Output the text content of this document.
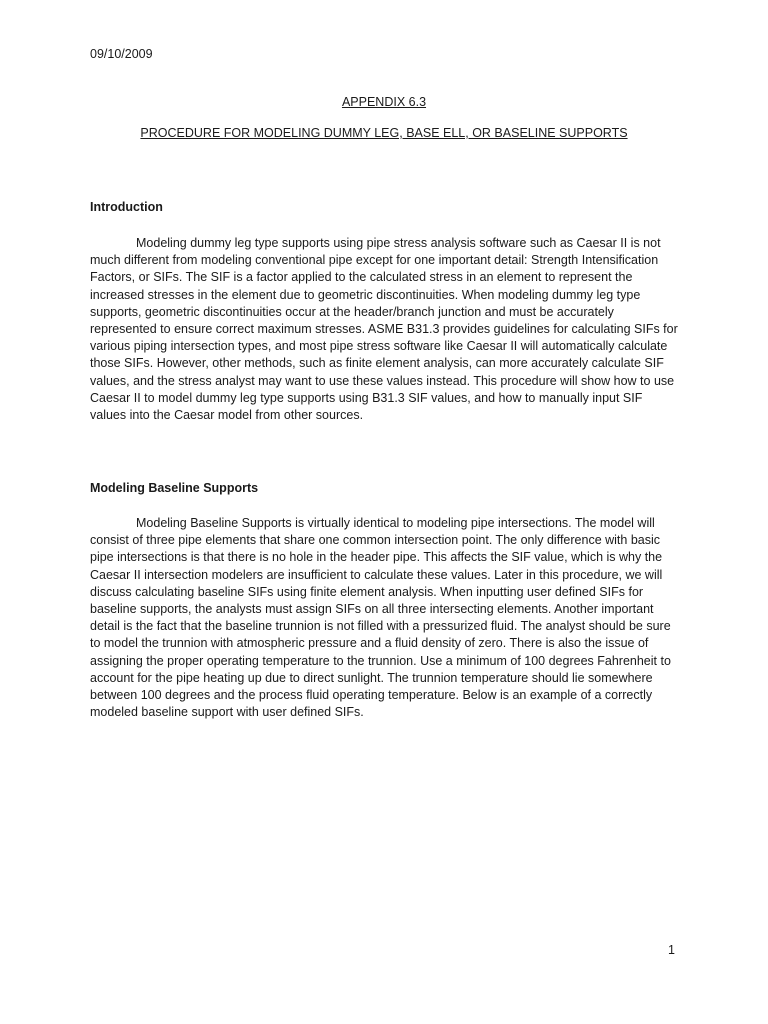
09/10/2009
APPENDIX 6.3
PROCEDURE FOR MODELING DUMMY LEG, BASE ELL, OR BASELINE SUPPORTS
Introduction
Modeling dummy leg type supports using pipe stress analysis software such as Caesar II is not much different from modeling conventional pipe except for one important detail: Strength Intensification Factors, or SIFs. The SIF is a factor applied to the calculated stress in an element to represent the increased stresses in the element due to geometric discontinuities. When modeling dummy leg type supports, geometric discontinuities occur at the header/branch junction and must be accurately represented to ensure correct maximum stresses. ASME B31.3 provides guidelines for calculating SIFs for various piping intersection types, and most pipe stress software like Caesar II will automatically calculate those SIFs. However, other methods, such as finite element analysis, can more accurately calculate SIF values, and the stress analyst may want to use these values instead. This procedure will show how to use Caesar II to model dummy leg type supports using B31.3 SIF values, and how to manually input SIF values into the Caesar model from other sources.
Modeling Baseline Supports
Modeling Baseline Supports is virtually identical to modeling pipe intersections. The model will consist of three pipe elements that share one common intersection point. The only difference with basic pipe intersections is that there is no hole in the header pipe. This affects the SIF value, which is why the Caesar II intersection modelers are insufficient to calculate these values. Later in this procedure, we will discuss calculating baseline SIFs using finite element analysis. When inputting user defined SIFs for baseline supports, the analysts must assign SIFs on all three intersecting elements. Another important detail is the fact that the baseline trunnion is not filled with a pressurized fluid. The analyst should be sure to model the trunnion with atmospheric pressure and a fluid density of zero. There is also the issue of assigning the proper operating temperature to the trunnion. Use a minimum of 100 degrees Fahrenheit to account for the pipe heating up due to direct sunlight. The trunnion temperature should lie somewhere between 100 degrees and the process fluid operating temperature. Below is an example of a correctly modeled baseline support with user defined SIFs.
1
